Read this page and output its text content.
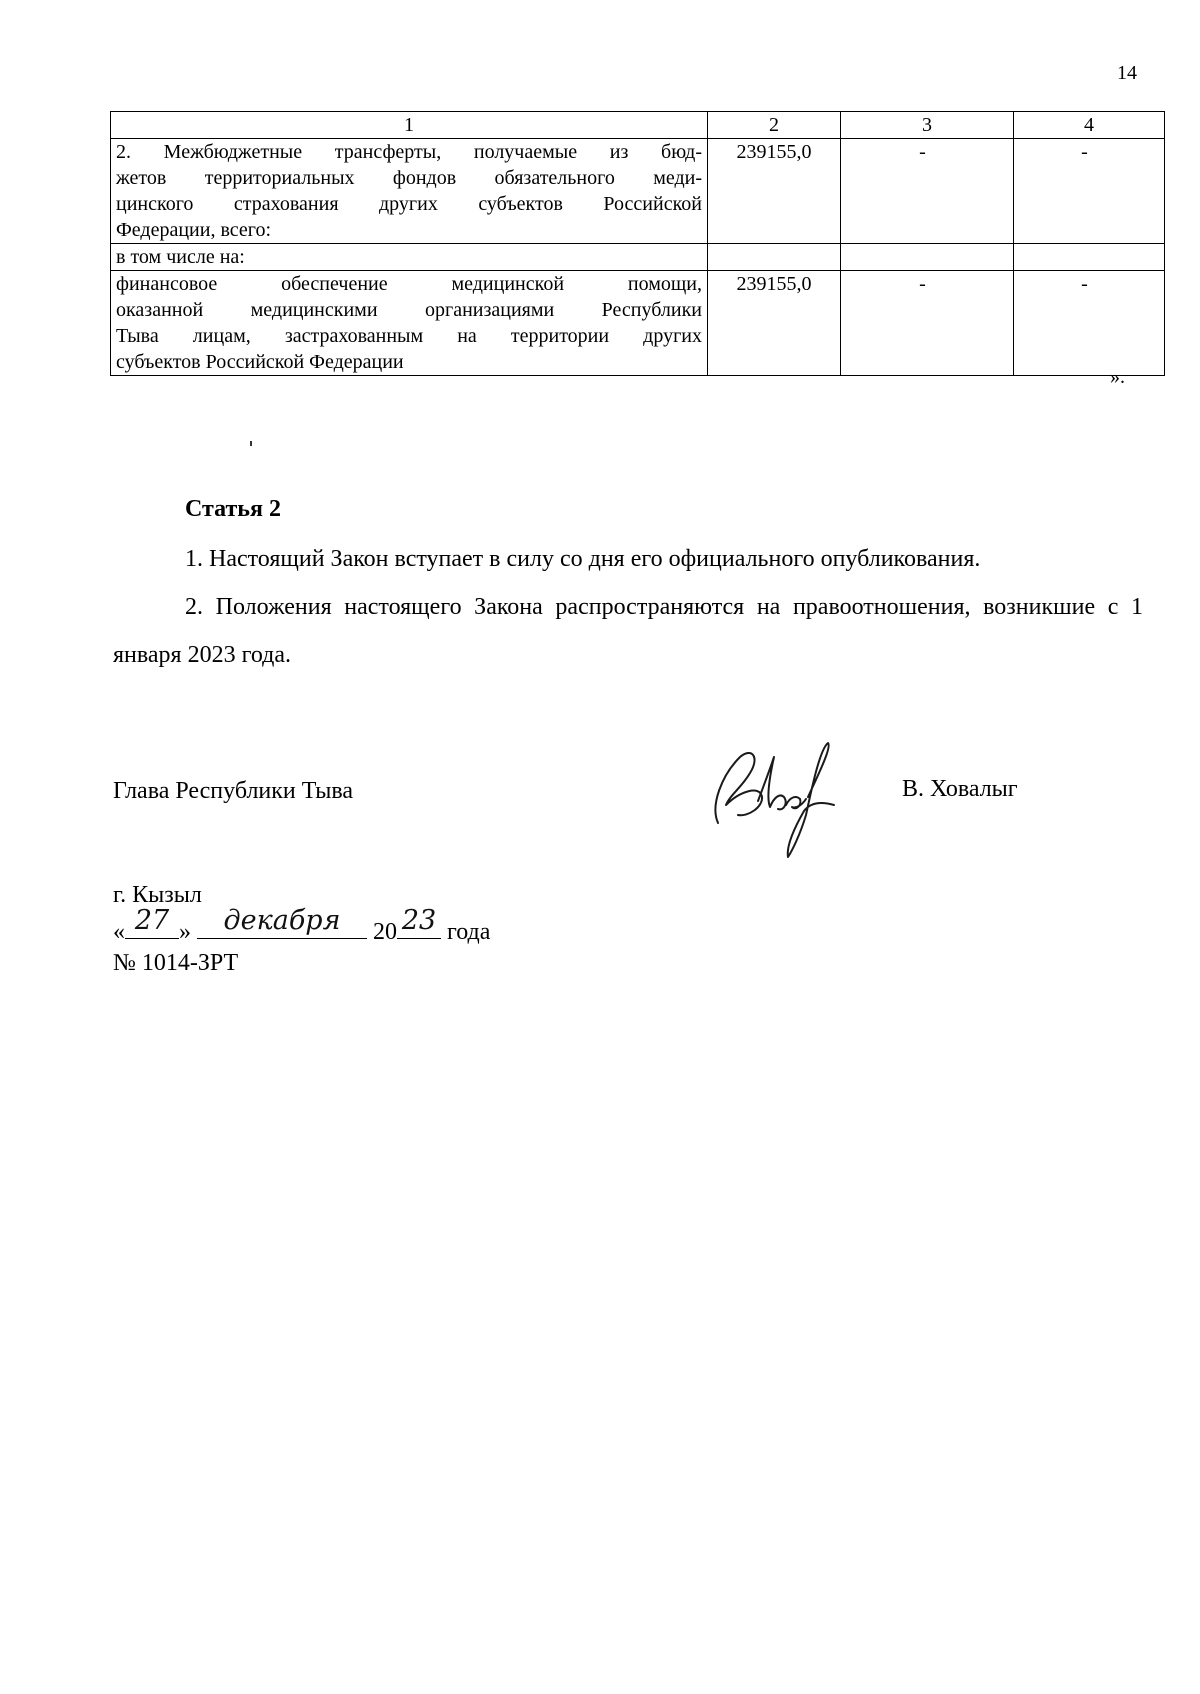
14
1	2	3	4

2. Межбюджетные трансферты, получаемые из бюд-
жетов территориальных фондов обязательного меди-
цинского страхования других субъектов Российской
Федерации, всего:	239155,0	-	-

в том числе на:			

финансовое обеспечение медицинской помощи,
оказанной медицинскими организациями Республики
Тыва лицам, застрахованным на территории других
субъектов Российской Федерации	239155,0	-	-
».
Статья 2
1. Настоящий Закон вступает в силу со дня его официального опубликования.
2. Положения настоящего Закона распространяются на правоотношения, возникшие с 1 января 2023 года.
Глава Республики Тыва	В. Ховалыг
г. Кызыл
« 27 »	декабря	20 23 года
№ 1014-ЗРТ
